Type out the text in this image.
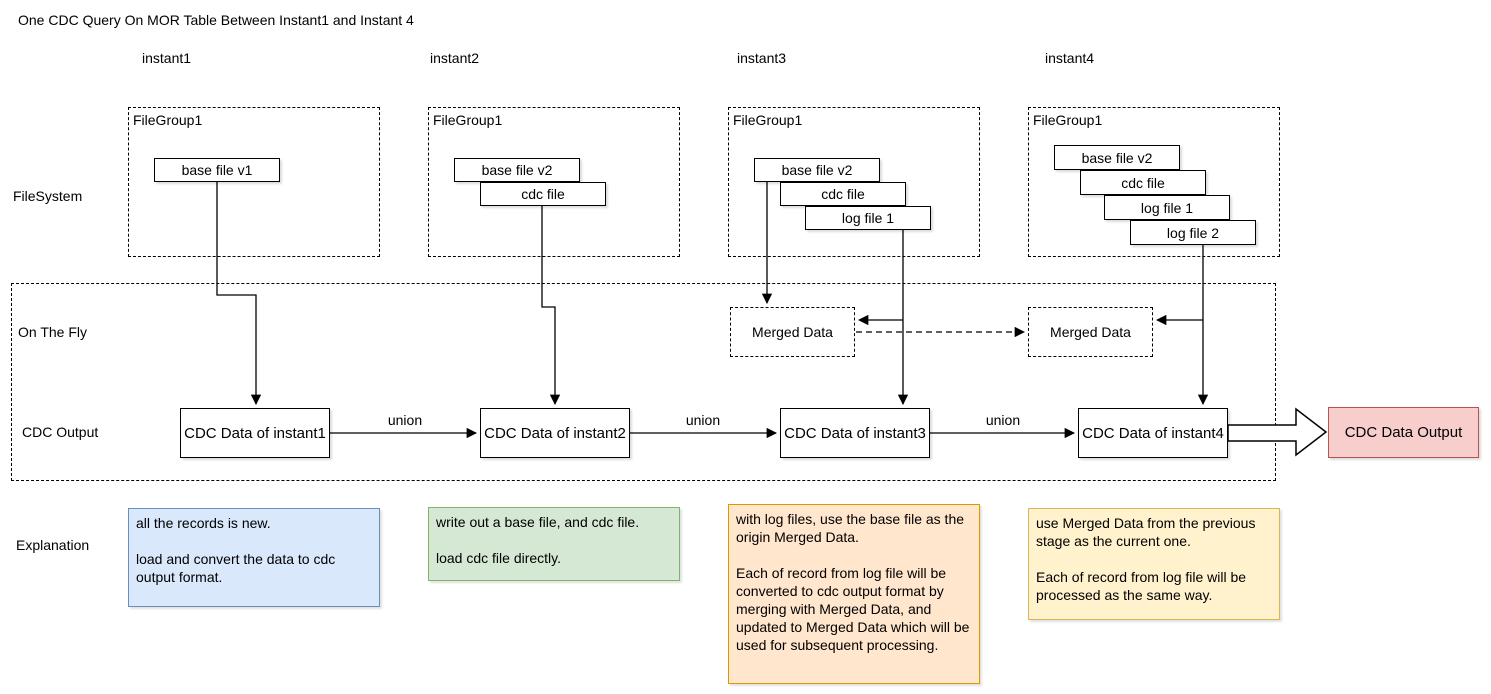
One CDC Query On MOR Table Between Instant1 and Instant 4
instant1	instant2	instant3	instant4
FileSystem
On The Fly
CDC Output
Explanation
FileGroup1	FileGroup1	FileGroup1	FileGroup1
base file v1	base file v2
cdc file
base file v2
cdc file
log file 1
base file v2
cdc file
log file 1
log file 2
Merged Data	Merged Data
CDC Data of instant1	CDC Data of instant2	CDC Data of instant3	CDC Data of instant4
union	union	union
CDC Data Output

all the records is new.

load and convert the data to cdc output format.

write out a base file, and cdc file.

load cdc file directly.

with log files, use the base file as the origin Merged Data.

Each of record from log file will be converted to cdc output format by merging with Merged Data, and updated to Merged Data which will be used for subsequent processing.

use Merged Data from the previous stage as the current one.

Each of record from log file will be processed as the same way.
